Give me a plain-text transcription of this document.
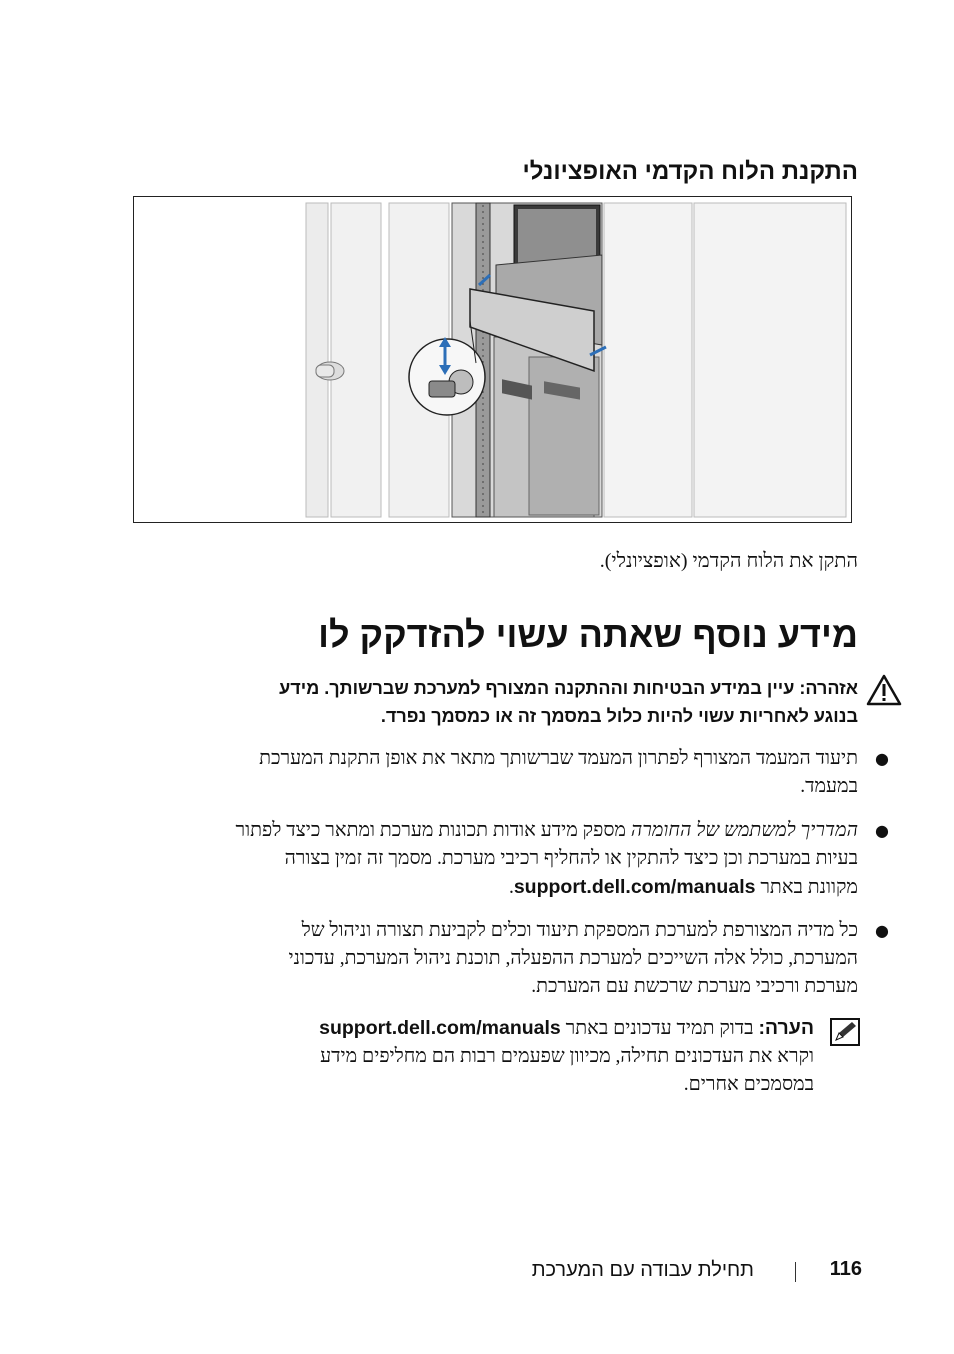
התקנת הלוח הקדמי האופציונלי
התקן את הלוח הקדמי (אופציונלי).
מידע נוסף שאתה עשוי להזדקק לו
אזהרה: עיין במידע הבטיחות וההתקנה המצורף למערכת שברשותך. מידע
בנוגע לאחריות עשוי להיות כלול במסמך זה או כמסמך נפרד.
●
תיעוד המעמד המצורף לפתרון המעמד שברשותך מתאר את אופן התקנת המערכת
במעמד.
●
המדריך למשתמש של החומרה מספק מידע אודות תכונות מערכת ומתאר כיצד לפתור
בעיות במערכת וכן כיצד להתקין או להחליף רכיבי מערכת. מסמך זה זמין בצורה
מקוונת באתר support.dell.com/manuals.
●
כל מדיה המצורפת למערכת המספקת תיעוד וכלים לקביעת תצורה וניהול של
המערכת, כולל אלה השייכים למערכת ההפעלה, תוכנת ניהול המערכת, עדכוני
מערכת ורכיבי מערכת שרכשת עם המערכת.
הערה: בדוק תמיד עדכונים באתר support.dell.com/manuals
וקרא את העדכונים תחילה, מכיוון שפעמים רבות הם מחליפים מידע
במסמכים אחרים.
116
תחילת עבודה עם המערכת
